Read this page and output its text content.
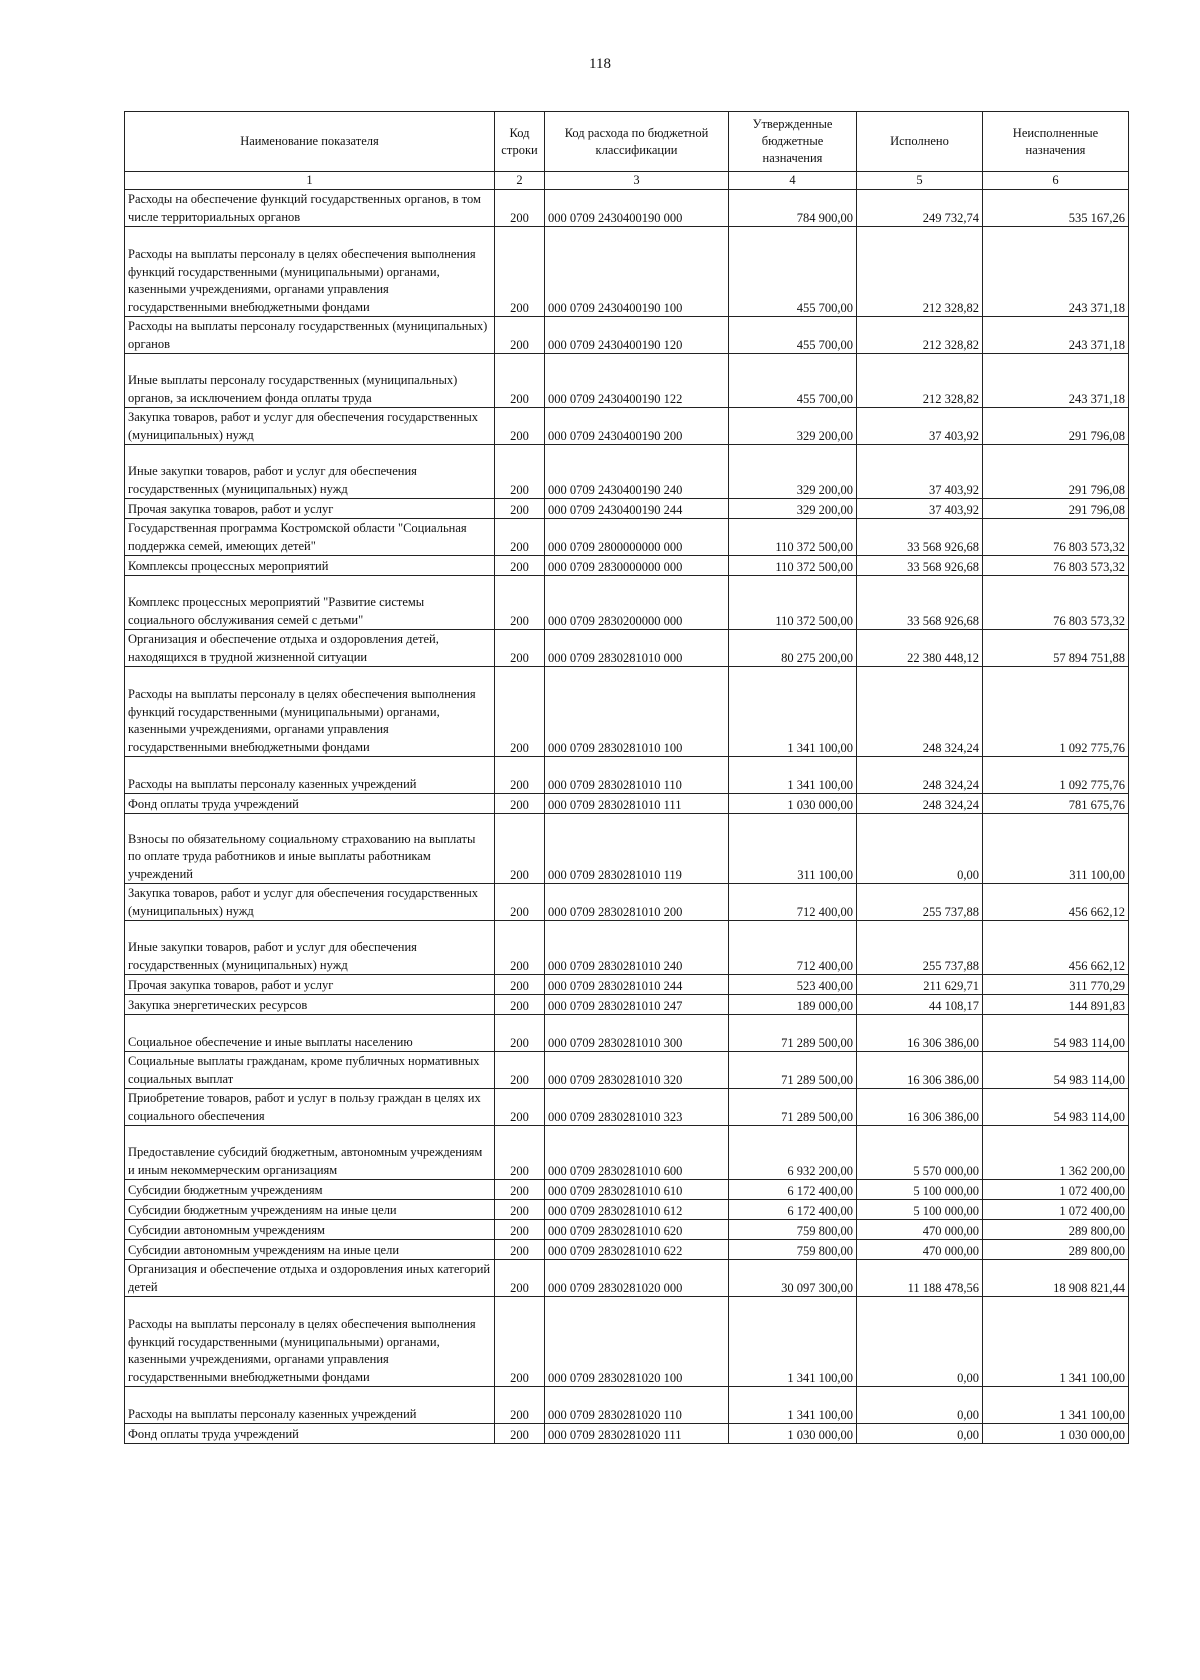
118
Наименование показателя	Код строки	Код расхода по бюджетной классификации	Утвержденные бюджетные назначения	Исполнено	Неисполненные назначения
1	2	3	4	5	6
Расходы на обеспечение функций государственных органов, в том числе территориальных органов	200	000 0709 2430400190 000	784 900,00	249 732,74	535 167,26
Расходы на выплаты персоналу в целях обеспечения выполнения функций государственными (муниципальными) органами, казенными учреждениями, органами управления государственными внебюджетными фондами	200	000 0709 2430400190 100	455 700,00	212 328,82	243 371,18
Расходы на выплаты персоналу государственных (муниципальных) органов	200	000 0709 2430400190 120	455 700,00	212 328,82	243 371,18
Иные выплаты персоналу государственных (муниципальных) органов, за исключением фонда оплаты труда	200	000 0709 2430400190 122	455 700,00	212 328,82	243 371,18
Закупка товаров, работ и услуг для обеспечения государственных (муниципальных) нужд	200	000 0709 2430400190 200	329 200,00	37 403,92	291 796,08
Иные закупки товаров, работ и услуг для обеспечения государственных (муниципальных) нужд	200	000 0709 2430400190 240	329 200,00	37 403,92	291 796,08
Прочая закупка товаров, работ и услуг	200	000 0709 2430400190 244	329 200,00	37 403,92	291 796,08
Государственная программа Костромской области "Социальная поддержка семей, имеющих детей"	200	000 0709 2800000000 000	110 372 500,00	33 568 926,68	76 803 573,32
Комплексы процессных мероприятий	200	000 0709 2830000000 000	110 372 500,00	33 568 926,68	76 803 573,32
Комплекс процессных мероприятий "Развитие системы социального обслуживания семей с детьми"	200	000 0709 2830200000 000	110 372 500,00	33 568 926,68	76 803 573,32
Организация и обеспечение отдыха и оздоровления детей, находящихся в трудной жизненной ситуации	200	000 0709 2830281010 000	80 275 200,00	22 380 448,12	57 894 751,88
Расходы на выплаты персоналу в целях обеспечения выполнения функций государственными (муниципальными) органами, казенными учреждениями, органами управления государственными внебюджетными фондами	200	000 0709 2830281010 100	1 341 100,00	248 324,24	1 092 775,76
Расходы на выплаты персоналу казенных учреждений	200	000 0709 2830281010 110	1 341 100,00	248 324,24	1 092 775,76
Фонд оплаты труда учреждений	200	000 0709 2830281010 111	1 030 000,00	248 324,24	781 675,76
Взносы по обязательному социальному страхованию на выплаты по оплате труда работников и иные выплаты работникам учреждений	200	000 0709 2830281010 119	311 100,00	0,00	311 100,00
Закупка товаров, работ и услуг для обеспечения государственных (муниципальных) нужд	200	000 0709 2830281010 200	712 400,00	255 737,88	456 662,12
Иные закупки товаров, работ и услуг для обеспечения государственных (муниципальных) нужд	200	000 0709 2830281010 240	712 400,00	255 737,88	456 662,12
Прочая закупка товаров, работ и услуг	200	000 0709 2830281010 244	523 400,00	211 629,71	311 770,29
Закупка энергетических ресурсов	200	000 0709 2830281010 247	189 000,00	44 108,17	144 891,83
Социальное обеспечение и иные выплаты населению	200	000 0709 2830281010 300	71 289 500,00	16 306 386,00	54 983 114,00
Социальные выплаты гражданам, кроме публичных нормативных социальных выплат	200	000 0709 2830281010 320	71 289 500,00	16 306 386,00	54 983 114,00
Приобретение товаров, работ и услуг в пользу граждан в целях их социального обеспечения	200	000 0709 2830281010 323	71 289 500,00	16 306 386,00	54 983 114,00
Предоставление субсидий бюджетным, автономным учреждениям и иным некоммерческим организациям	200	000 0709 2830281010 600	6 932 200,00	5 570 000,00	1 362 200,00
Субсидии бюджетным учреждениям	200	000 0709 2830281010 610	6 172 400,00	5 100 000,00	1 072 400,00
Субсидии бюджетным учреждениям на иные цели	200	000 0709 2830281010 612	6 172 400,00	5 100 000,00	1 072 400,00
Субсидии автономным учреждениям	200	000 0709 2830281010 620	759 800,00	470 000,00	289 800,00
Субсидии автономным учреждениям на иные цели	200	000 0709 2830281010 622	759 800,00	470 000,00	289 800,00
Организация и обеспечение отдыха и оздоровления иных категорий детей	200	000 0709 2830281020 000	30 097 300,00	11 188 478,56	18 908 821,44
Расходы на выплаты персоналу в целях обеспечения выполнения функций государственными (муниципальными) органами, казенными учреждениями, органами управления государственными внебюджетными фондами	200	000 0709 2830281020 100	1 341 100,00	0,00	1 341 100,00
Расходы на выплаты персоналу казенных учреждений	200	000 0709 2830281020 110	1 341 100,00	0,00	1 341 100,00
Фонд оплаты труда учреждений	200	000 0709 2830281020 111	1 030 000,00	0,00	1 030 000,00
